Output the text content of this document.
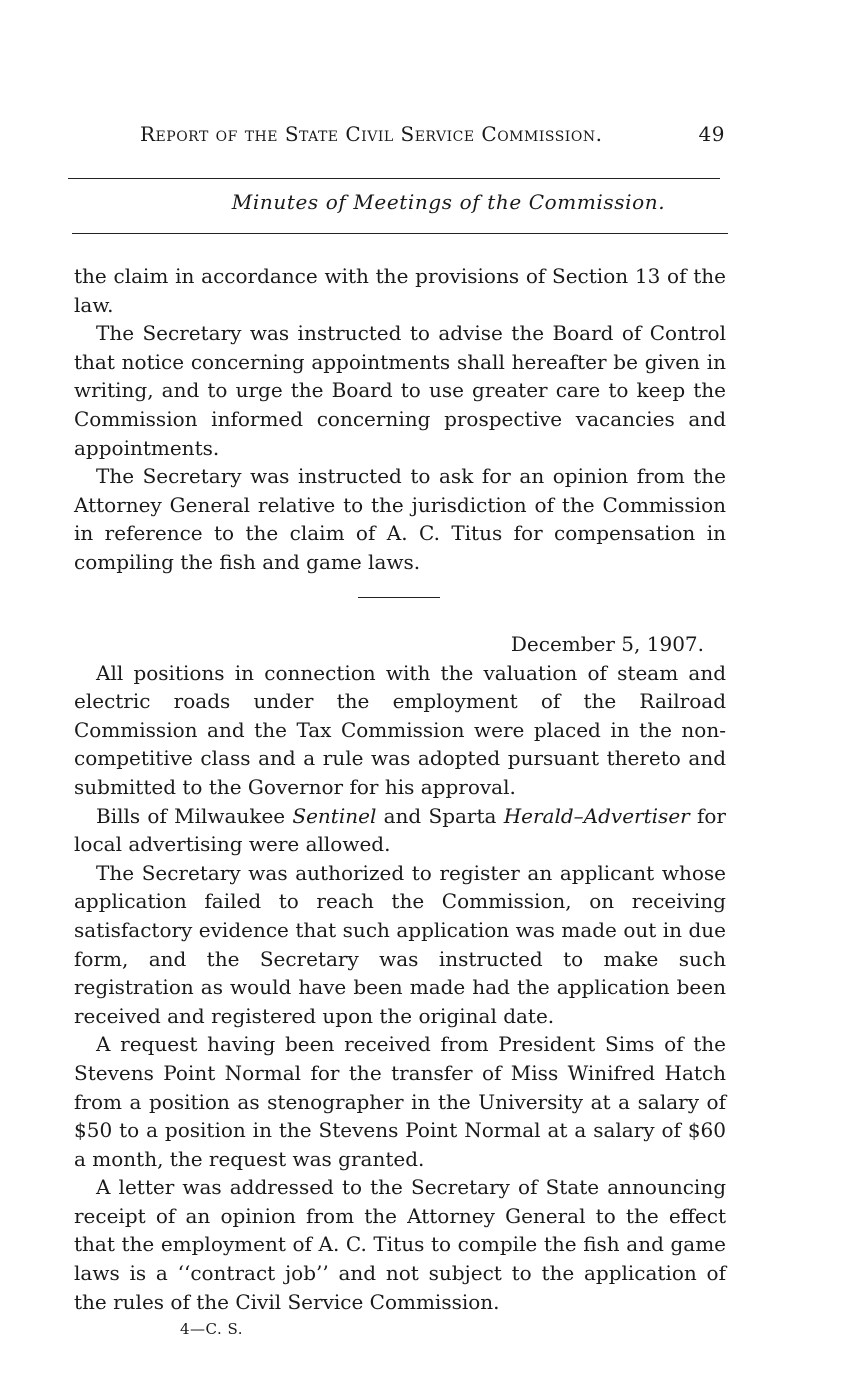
Report of the State Civil Service Commission.	49
Minutes of Meetings of the Commission.

the claim in accordance with the provisions of Section 13 of the law.

The Secretary was instructed to advise the Board of Control that notice concerning appointments shall hereafter be given in writing, and to urge the Board to use greater care to keep the Commission informed concerning prospective vacancies and appointments.

The Secretary was instructed to ask for an opinion from the Attorney General relative to the jurisdiction of the Commission in reference to the claim of A. C. Titus for compensation in compiling the fish and game laws.

December 5, 1907.

All positions in connection with the valuation of steam and electric roads under the employment of the Railroad Commission and the Tax Commission were placed in the non-competitive class and a rule was adopted pursuant thereto and submitted to the Governor for his approval.

Bills of Milwaukee Sentinel and Sparta Herald–Advertiser for local advertising were allowed.

The Secretary was authorized to register an applicant whose application failed to reach the Commission, on receiving satisfactory evidence that such application was made out in due form, and the Secretary was instructed to make such registration as would have been made had the application been received and registered upon the original date.

A request having been received from President Sims of the Stevens Point Normal for the transfer of Miss Winifred Hatch from a position as stenographer in the University at a salary of $50 to a position in the Stevens Point Normal at a salary of $60 a month, the request was granted.

A letter was addressed to the Secretary of State announcing receipt of an opinion from the Attorney General to the effect that the employment of A. C. Titus to compile the fish and game laws is a ‘‘contract job’’ and not subject to the application of the rules of the Civil Service Commission.

4—C. S.
